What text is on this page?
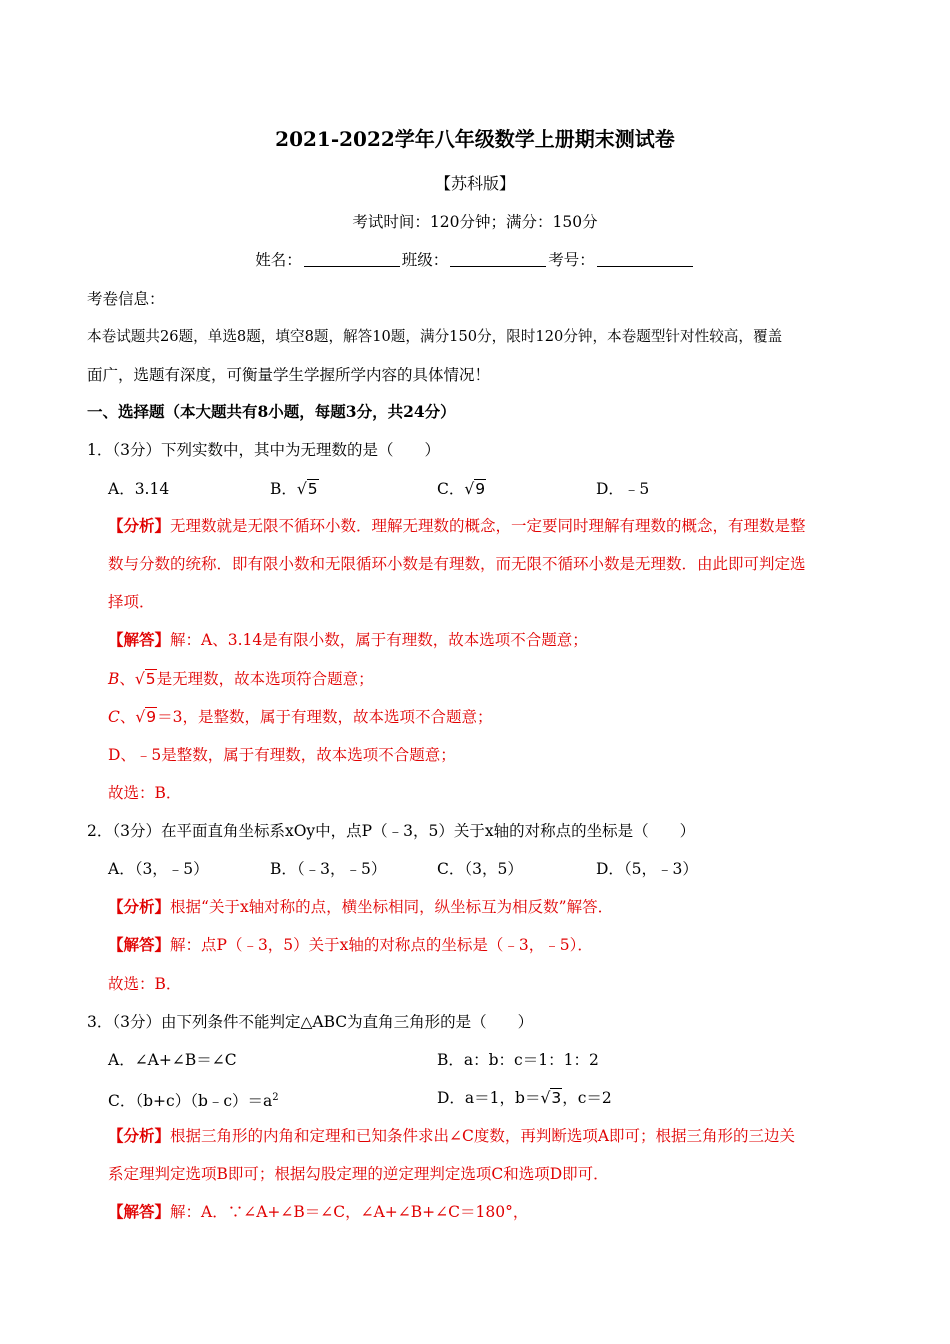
2021-2022学年八年级数学上册期末测试卷
【苏科版】
考试时间：120分钟；满分：150分
姓名：	班级：	考号：
考卷信息：
本卷试题共26题，单选8题，填空8题，解答10题，满分150分，限时120分钟，本卷题型针对性较高，覆盖
面广，选题有深度，可衡量学生学握所学内容的具体情况！
一、选择题（本大题共有8小题，每题3分，共24分）
1．（3分）下列实数中，其中为无理数的是（　　）
A．3.14	B．√5	C．√9	D．﹣5
【分析】无理数就是无限不循环小数．理解无理数的概念，一定要同时理解有理数的概念，有理数是整
数与分数的统称．即有限小数和无限循环小数是有理数，而无限不循环小数是无理数．由此即可判定选
择项．
【解答】解：A、3.14是有限小数，属于有理数，故本选项不合题意；
B、√5是无理数，故本选项符合题意；
C、√9＝3，是整数，属于有理数，故本选项不合题意；
D、﹣5是整数，属于有理数，故本选项不合题意；
故选：B．
2．（3分）在平面直角坐标系xOy中，点P（﹣3，5）关于x轴的对称点的坐标是（　　）
A．（3，﹣5）	B．（﹣3，﹣5）	C．（3，5）	D．（5，﹣3）
【分析】根据“关于x轴对称的点，横坐标相同，纵坐标互为相反数”解答．
【解答】解：点P（﹣3，5）关于x轴的对称点的坐标是（﹣3，﹣5）．
故选：B．
3．（3分）由下列条件不能判定△ABC为直角三角形的是（　　）
A．∠A+∠B＝∠C	B．a：b：c＝1：1：2
C．$(b+c)(b﹣c)=a^2$	D．a＝1，b＝√3，c＝2
【分析】根据三角形的内角和定理和已知条件求出∠C度数，再判断选项A即可；根据三角形的三边关
系定理判定选项B即可；根据勾股定理的逆定理判定选项C和选项D即可．
【解答】解：A．∵∠A+∠B＝∠C，∠A+∠B+∠C＝180°，
